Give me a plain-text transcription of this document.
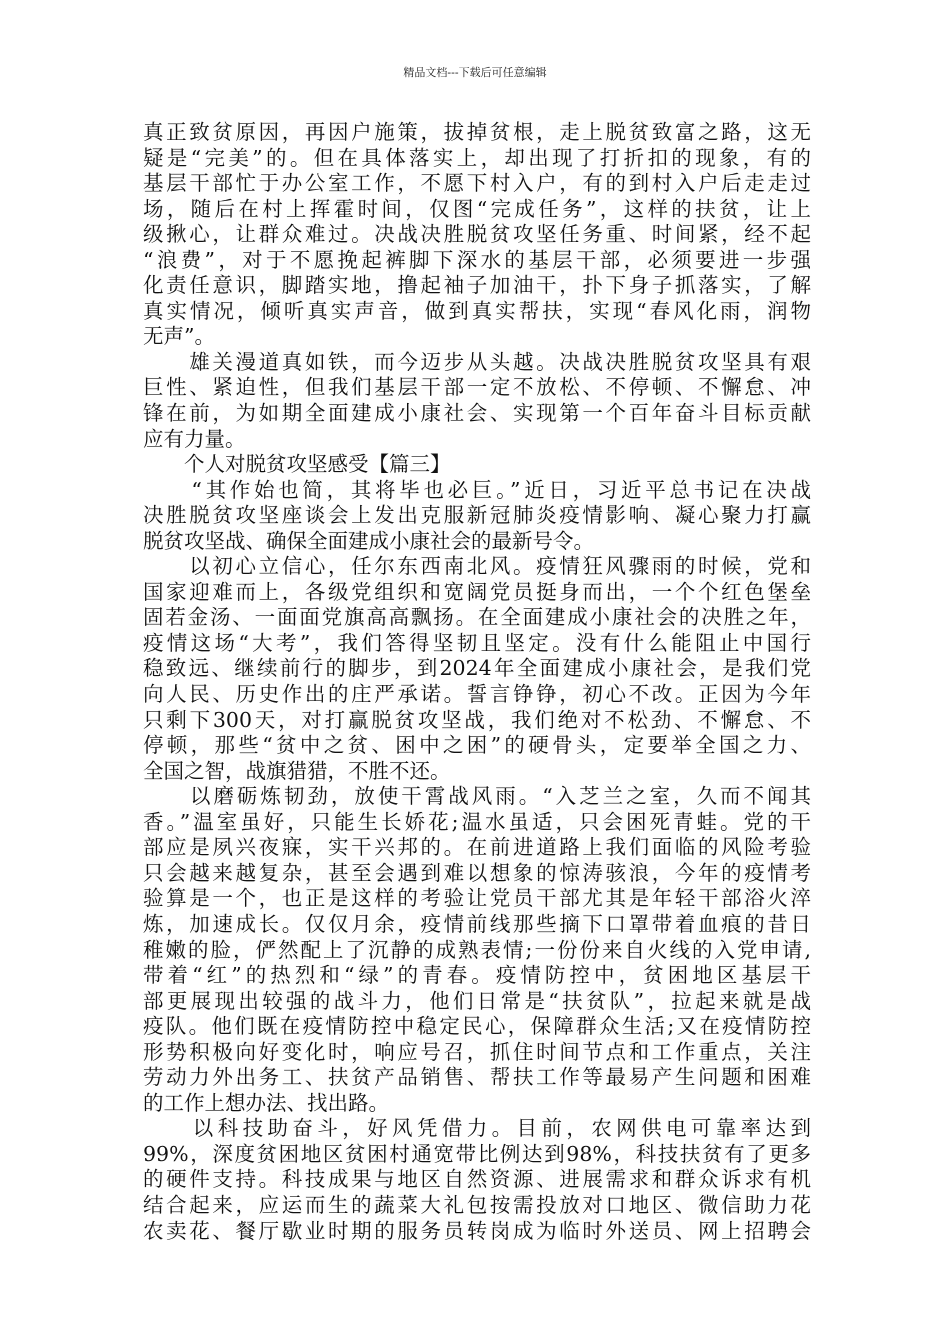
精品文档---下载后可任意编辑
真正致贫原因，再因户施策，拔掉贫根，走上脱贫致富之路，这无
疑是“完美”的。但在具体落实上，却出现了打折扣的现象，有的
基层干部忙于办公室工作，不愿下村入户，有的到村入户后走走过
场，随后在村上挥霍时间，仅图“完成任务”，这样的扶贫，让上
级揪心，让群众难过。决战决胜脱贫攻坚任务重、时间紧，经不起
“浪费”，对于不愿挽起裤脚下深水的基层干部，必须要进一步强
化责任意识，脚踏实地，撸起袖子加油干，扑下身子抓落实，了解
真实情况，倾听真实声音，做到真实帮扶，实现“春风化雨，润物
无声”。
　　雄关漫道真如铁，而今迈步从头越。决战决胜脱贫攻坚具有艰
巨性、紧迫性，但我们基层干部一定不放松、不停顿、不懈怠、冲
锋在前，为如期全面建成小康社会、实现第一个百年奋斗目标贡献
应有力量。
　　个人对脱贫攻坚感受【篇三】
　　“其作始也简，其将毕也必巨。”近日，习近平总书记在决战
决胜脱贫攻坚座谈会上发出克服新冠肺炎疫情影响、凝心聚力打赢
脱贫攻坚战、确保全面建成小康社会的最新号令。
　　以初心立信心，任尔东西南北风。疫情狂风骤雨的时候，党和
国家迎难而上，各级党组织和宽阔党员挺身而出，一个个红色堡垒
固若金汤、一面面党旗高高飘扬。在全面建成小康社会的决胜之年，
疫情这场“大考”，我们答得坚韧且坚定。没有什么能阻止中国行
稳致远、继续前行的脚步，到2024年全面建成小康社会，是我们党
向人民、历史作出的庄严承诺。誓言铮铮，初心不改。正因为今年
只剩下300天，对打赢脱贫攻坚战，我们绝对不松劲、不懈怠、不
停顿，那些“贫中之贫、困中之困”的硬骨头，定要举全国之力、
全国之智，战旗猎猎，不胜不还。
　　以磨砺炼韧劲，放使干霄战风雨。“入芝兰之室，久而不闻其
香。”温室虽好，只能生长娇花;温水虽适，只会困死青蛙。党的干
部应是夙兴夜寐，实干兴邦的。在前进道路上我们面临的风险考验
只会越来越复杂，甚至会遇到难以想象的惊涛骇浪，今年的疫情考
验算是一个，也正是这样的考验让党员干部尤其是年轻干部浴火淬
炼，加速成长。仅仅月余，疫情前线那些摘下口罩带着血痕的昔日
稚嫩的脸，俨然配上了沉静的成熟表情;一份份来自火线的入党申请,
带着“红”的热烈和“绿”的青春。疫情防控中，贫困地区基层干
部更展现出较强的战斗力，他们日常是“扶贫队”，拉起来就是战
疫队。他们既在疫情防控中稳定民心，保障群众生活;又在疫情防控
形势积极向好变化时，响应号召，抓住时间节点和工作重点，关注
劳动力外出务工、扶贫产品销售、帮扶工作等最易产生问题和困难
的工作上想办法、找出路。
　　以科技助奋斗，好风凭借力。目前，农网供电可靠率达到
99%，深度贫困地区贫困村通宽带比例达到98%，科技扶贫有了更多
的硬件支持。科技成果与地区自然资源、进展需求和群众诉求有机
结合起来，应运而生的蔬菜大礼包按需投放对口地区、微信助力花
农卖花、餐厅歇业时期的服务员转岗成为临时外送员、网上招聘会
